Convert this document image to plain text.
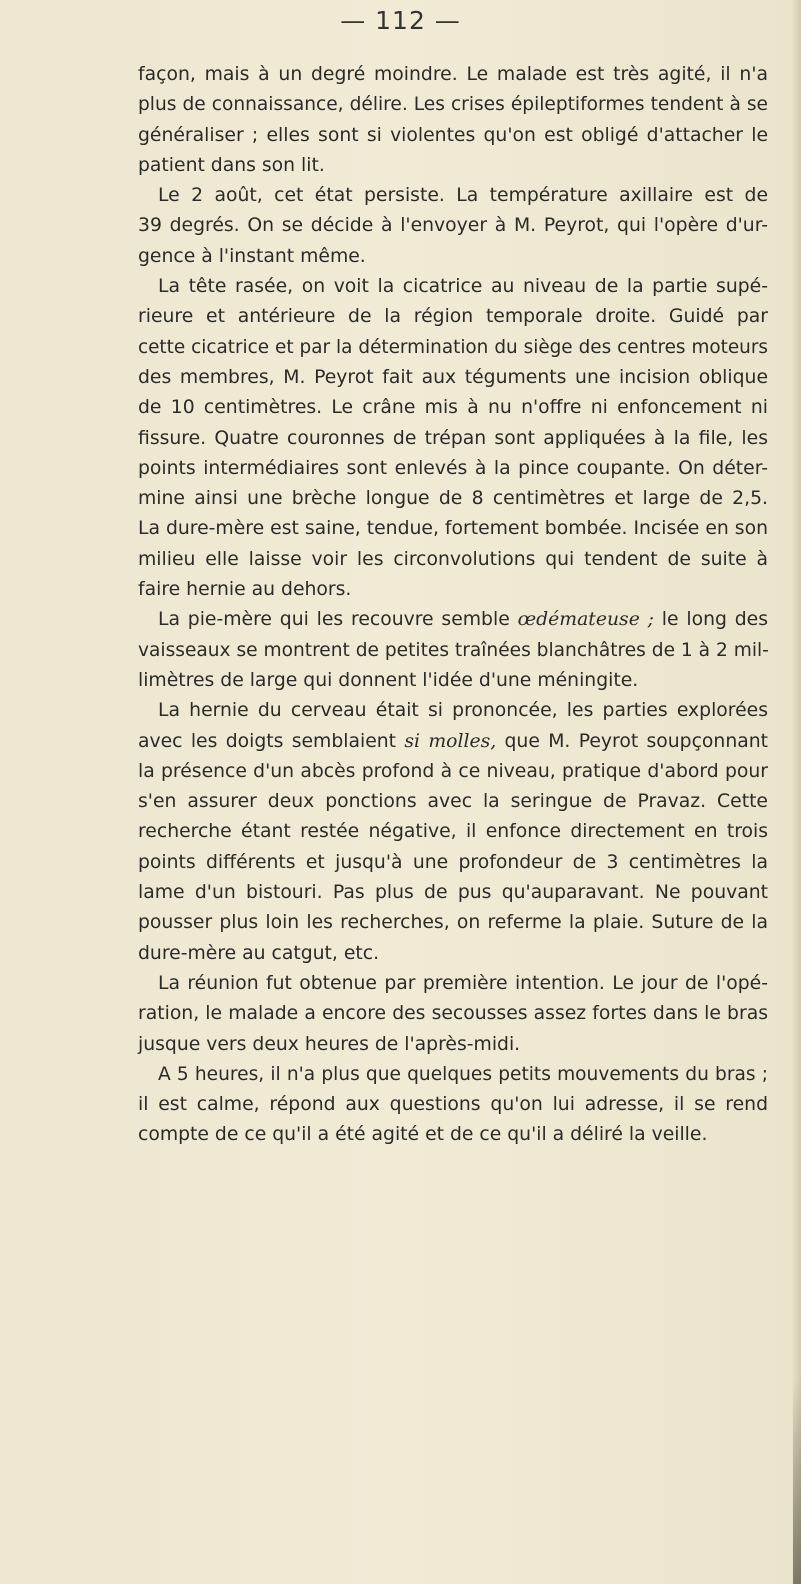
— 112 —
façon, mais à un degré moindre. Le malade est très agité, il n'a
plus de connaissance, délire. Les crises épileptiformes tendent à se
généraliser ; elles sont si violentes qu'on est obligé d'attacher le
patient dans son lit.
Le 2 août, cet état persiste. La température axillaire est de
39 degrés. On se décide à l'envoyer à M. Peyrot, qui l'opère d'ur-
gence à l'instant même.
La tête rasée, on voit la cicatrice au niveau de la partie supé-
rieure et antérieure de la région temporale droite. Guidé par
cette cicatrice et par la détermination du siège des centres moteurs
des membres, M. Peyrot fait aux téguments une incision oblique
de 10 centimètres. Le crâne mis à nu n'offre ni enfoncement ni
fissure. Quatre couronnes de trépan sont appliquées à la file, les
points intermédiaires sont enlevés à la pince coupante. On déter-
mine ainsi une brèche longue de 8 centimètres et large de 2,5.
La dure-mère est saine, tendue, fortement bombée. Incisée en son
milieu elle laisse voir les circonvolutions qui tendent de suite à
faire hernie au dehors.
La pie-mère qui les recouvre semble œdémateuse ; le long des
vaisseaux se montrent de petites traînées blanchâtres de 1 à 2 mil-
limètres de large qui donnent l'idée d'une méningite.
La hernie du cerveau était si prononcée, les parties explorées
avec les doigts semblaient si molles, que M. Peyrot soupçonnant
la présence d'un abcès profond à ce niveau, pratique d'abord pour
s'en assurer deux ponctions avec la seringue de Pravaz. Cette
recherche étant restée négative, il enfonce directement en trois
points différents et jusqu'à une profondeur de 3 centimètres la
lame d'un bistouri. Pas plus de pus qu'auparavant. Ne pouvant
pousser plus loin les recherches, on referme la plaie. Suture de la
dure-mère au catgut, etc.
La réunion fut obtenue par première intention. Le jour de l'opé-
ration, le malade a encore des secousses assez fortes dans le bras
jusque vers deux heures de l'après-midi.
A 5 heures, il n'a plus que quelques petits mouvements du bras ;
il est calme, répond aux questions qu'on lui adresse, il se rend
compte de ce qu'il a été agité et de ce qu'il a déliré la veille.
